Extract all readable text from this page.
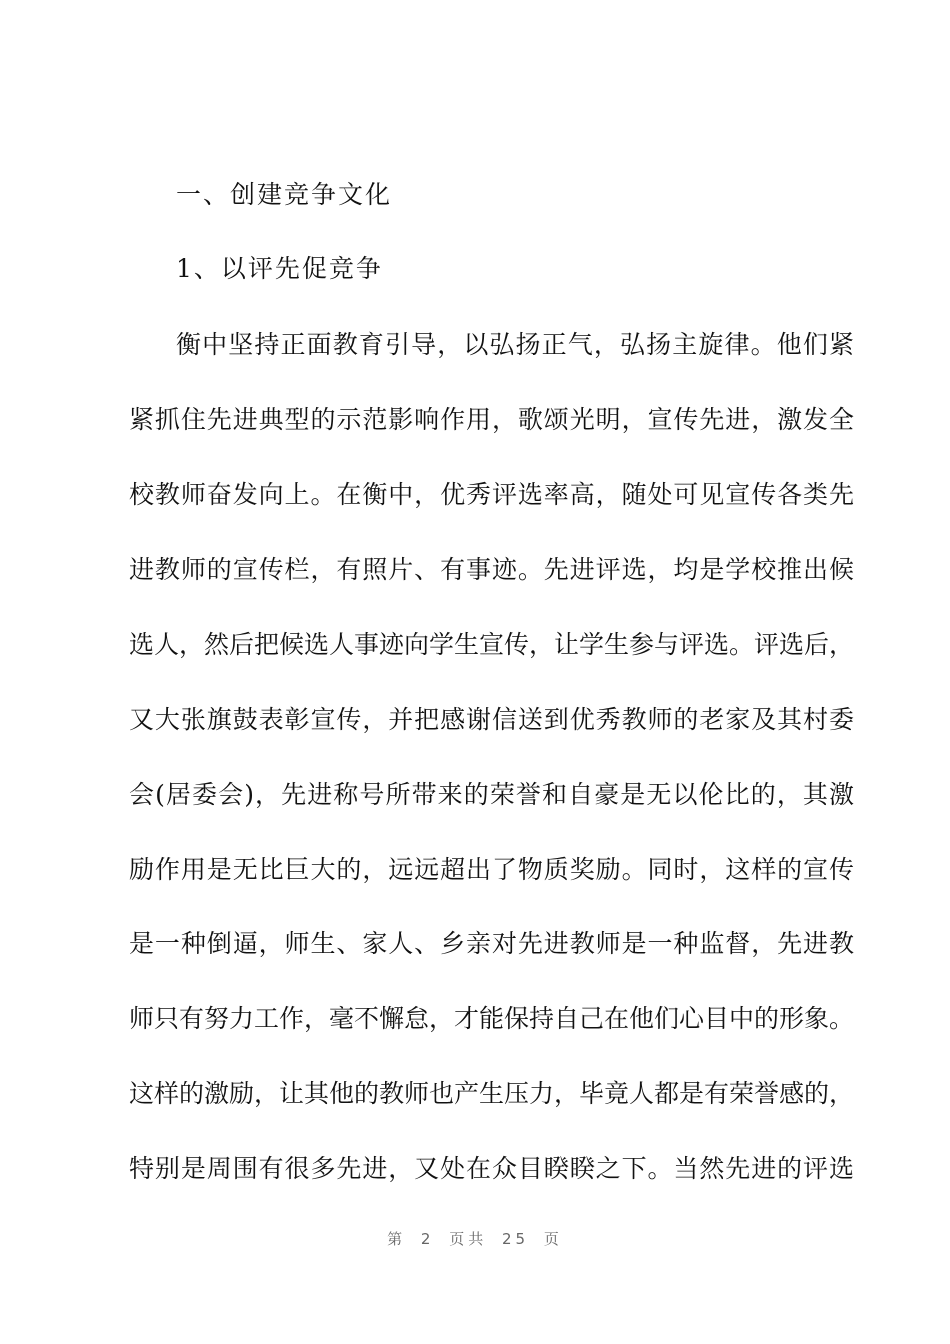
一、创建竞争文化
1、以评先促竞争
衡中坚持正面教育引导，以弘扬正气，弘扬主旋律。他们紧
紧抓住先进典型的示范影响作用，歌颂光明，宣传先进，激发全
校教师奋发向上。在衡中，优秀评选率高，随处可见宣传各类先
进教师的宣传栏，有照片、有事迹。先进评选，均是学校推出候
选人，然后把候选人事迹向学生宣传，让学生参与评选。评选后，
又大张旗鼓表彰宣传，并把感谢信送到优秀教师的老家及其村委
会(居委会)，先进称号所带来的荣誉和自豪是无以伦比的，其激
励作用是无比巨大的，远远超出了物质奖励。同时，这样的宣传
是一种倒逼，师生、家人、乡亲对先进教师是一种监督，先进教
师只有努力工作，毫不懈怠，才能保持自己在他们心目中的形象。
这样的激励，让其他的教师也产生压力，毕竟人都是有荣誉感的，
特别是周围有很多先进，又处在众目睽睽之下。当然先进的评选
第 2 页共 25 页
